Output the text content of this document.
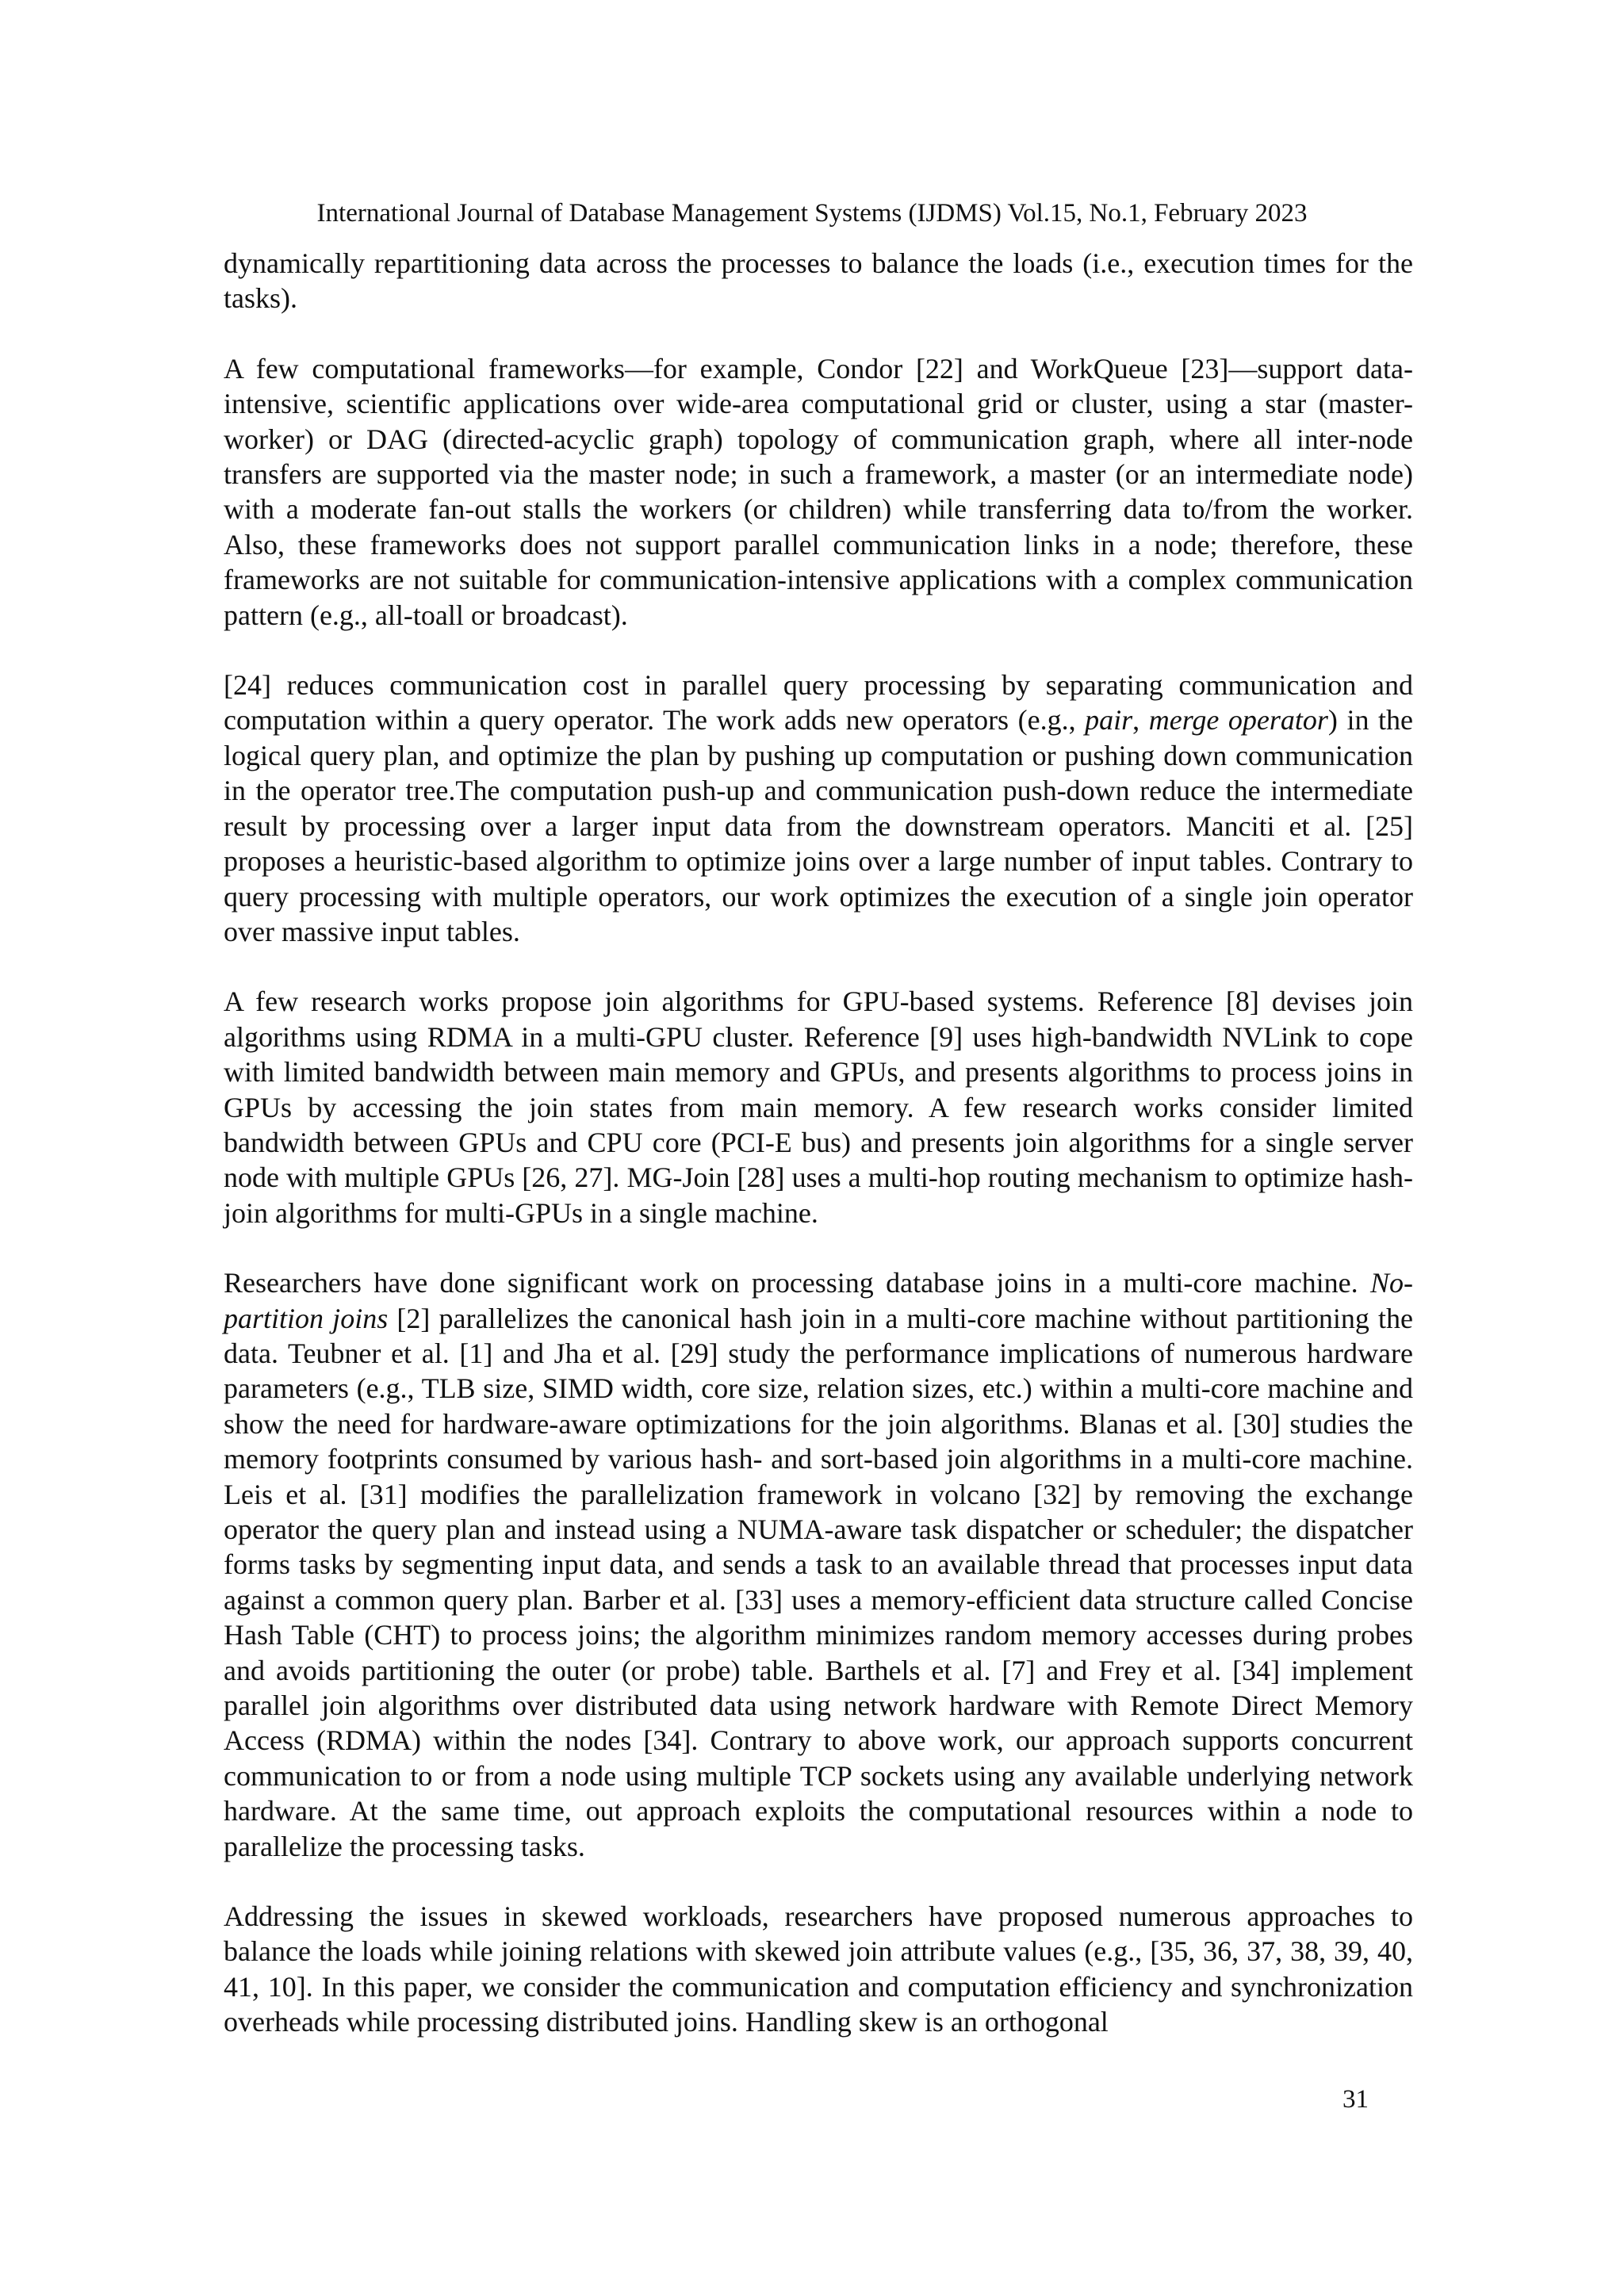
International Journal of Database Management Systems (IJDMS) Vol.15, No.1, February 2023

dynamically repartitioning data across the processes to balance the loads (i.e., execution times for the tasks).

A few computational frameworks—for example, Condor [22] and WorkQueue [23]—support data-intensive, scientific applications over wide-area computational grid or cluster, using a star (master-worker) or DAG (directed-acyclic graph) topology of communication graph, where all inter-node transfers are supported via the master node; in such a framework, a master (or an intermediate node) with a moderate fan-out stalls the workers (or children) while transferring data to/from the worker. Also, these frameworks does not support parallel communication links in a node; therefore, these frameworks are not suitable for communication-intensive applications with a complex communication pattern (e.g., all-toall or broadcast).

[24] reduces communication cost in parallel query processing by separating communication and computation within a query operator. The work adds new operators (e.g., pair, merge operator) in the logical query plan, and optimize the plan by pushing up computation or pushing down communication in the operator tree.The computation push-up and communication push-down reduce the intermediate result by processing over a larger input data from the downstream operators. Manciti et al. [25] proposes a heuristic-based algorithm to optimize joins over a large number of input tables. Contrary to query processing with multiple operators, our work optimizes the execution of a single join operator over massive input tables.

A few research works propose join algorithms for GPU-based systems. Reference [8] devises join algorithms using RDMA in a multi-GPU cluster. Reference [9] uses high-bandwidth NVLink to cope with limited bandwidth between main memory and GPUs, and presents algorithms to process joins in GPUs by accessing the join states from main memory. A few research works consider limited bandwidth between GPUs and CPU core (PCI-E bus) and presents join algorithms for a single server node with multiple GPUs [26, 27]. MG-Join [28] uses a multi-hop routing mechanism to optimize hash-join algorithms for multi-GPUs in a single machine.

Researchers have done significant work on processing database joins in a multi-core machine. No-partition joins [2] parallelizes the canonical hash join in a multi-core machine without partitioning the data. Teubner et al. [1] and Jha et al. [29] study the performance implications of numerous hardware parameters (e.g., TLB size, SIMD width, core size, relation sizes, etc.) within a multi-core machine and show the need for hardware-aware optimizations for the join algorithms. Blanas et al. [30] studies the memory footprints consumed by various hash- and sort-based join algorithms in a multi-core machine. Leis et al. [31] modifies the parallelization framework in volcano [32] by removing the exchange operator the query plan and instead using a NUMA-aware task dispatcher or scheduler; the dispatcher forms tasks by segmenting input data, and sends a task to an available thread that processes input data against a common query plan. Barber et al. [33] uses a memory-efficient data structure called Concise Hash Table (CHT) to process joins; the algorithm minimizes random memory accesses during probes and avoids partitioning the outer (or probe) table. Barthels et al. [7] and Frey et al. [34] implement parallel join algorithms over distributed data using network hardware with Remote Direct Memory Access (RDMA) within the nodes [34]. Contrary to above work, our approach supports concurrent communication to or from a node using multiple TCP sockets using any available underlying network hardware. At the same time, out approach exploits the computational resources within a node to parallelize the processing tasks.

Addressing the issues in skewed workloads, researchers have proposed numerous approaches to balance the loads while joining relations with skewed join attribute values (e.g., [35, 36, 37, 38, 39, 40, 41, 10]. In this paper, we consider the communication and computation efficiency and synchronization overheads while processing distributed joins. Handling skew is an orthogonal

31
